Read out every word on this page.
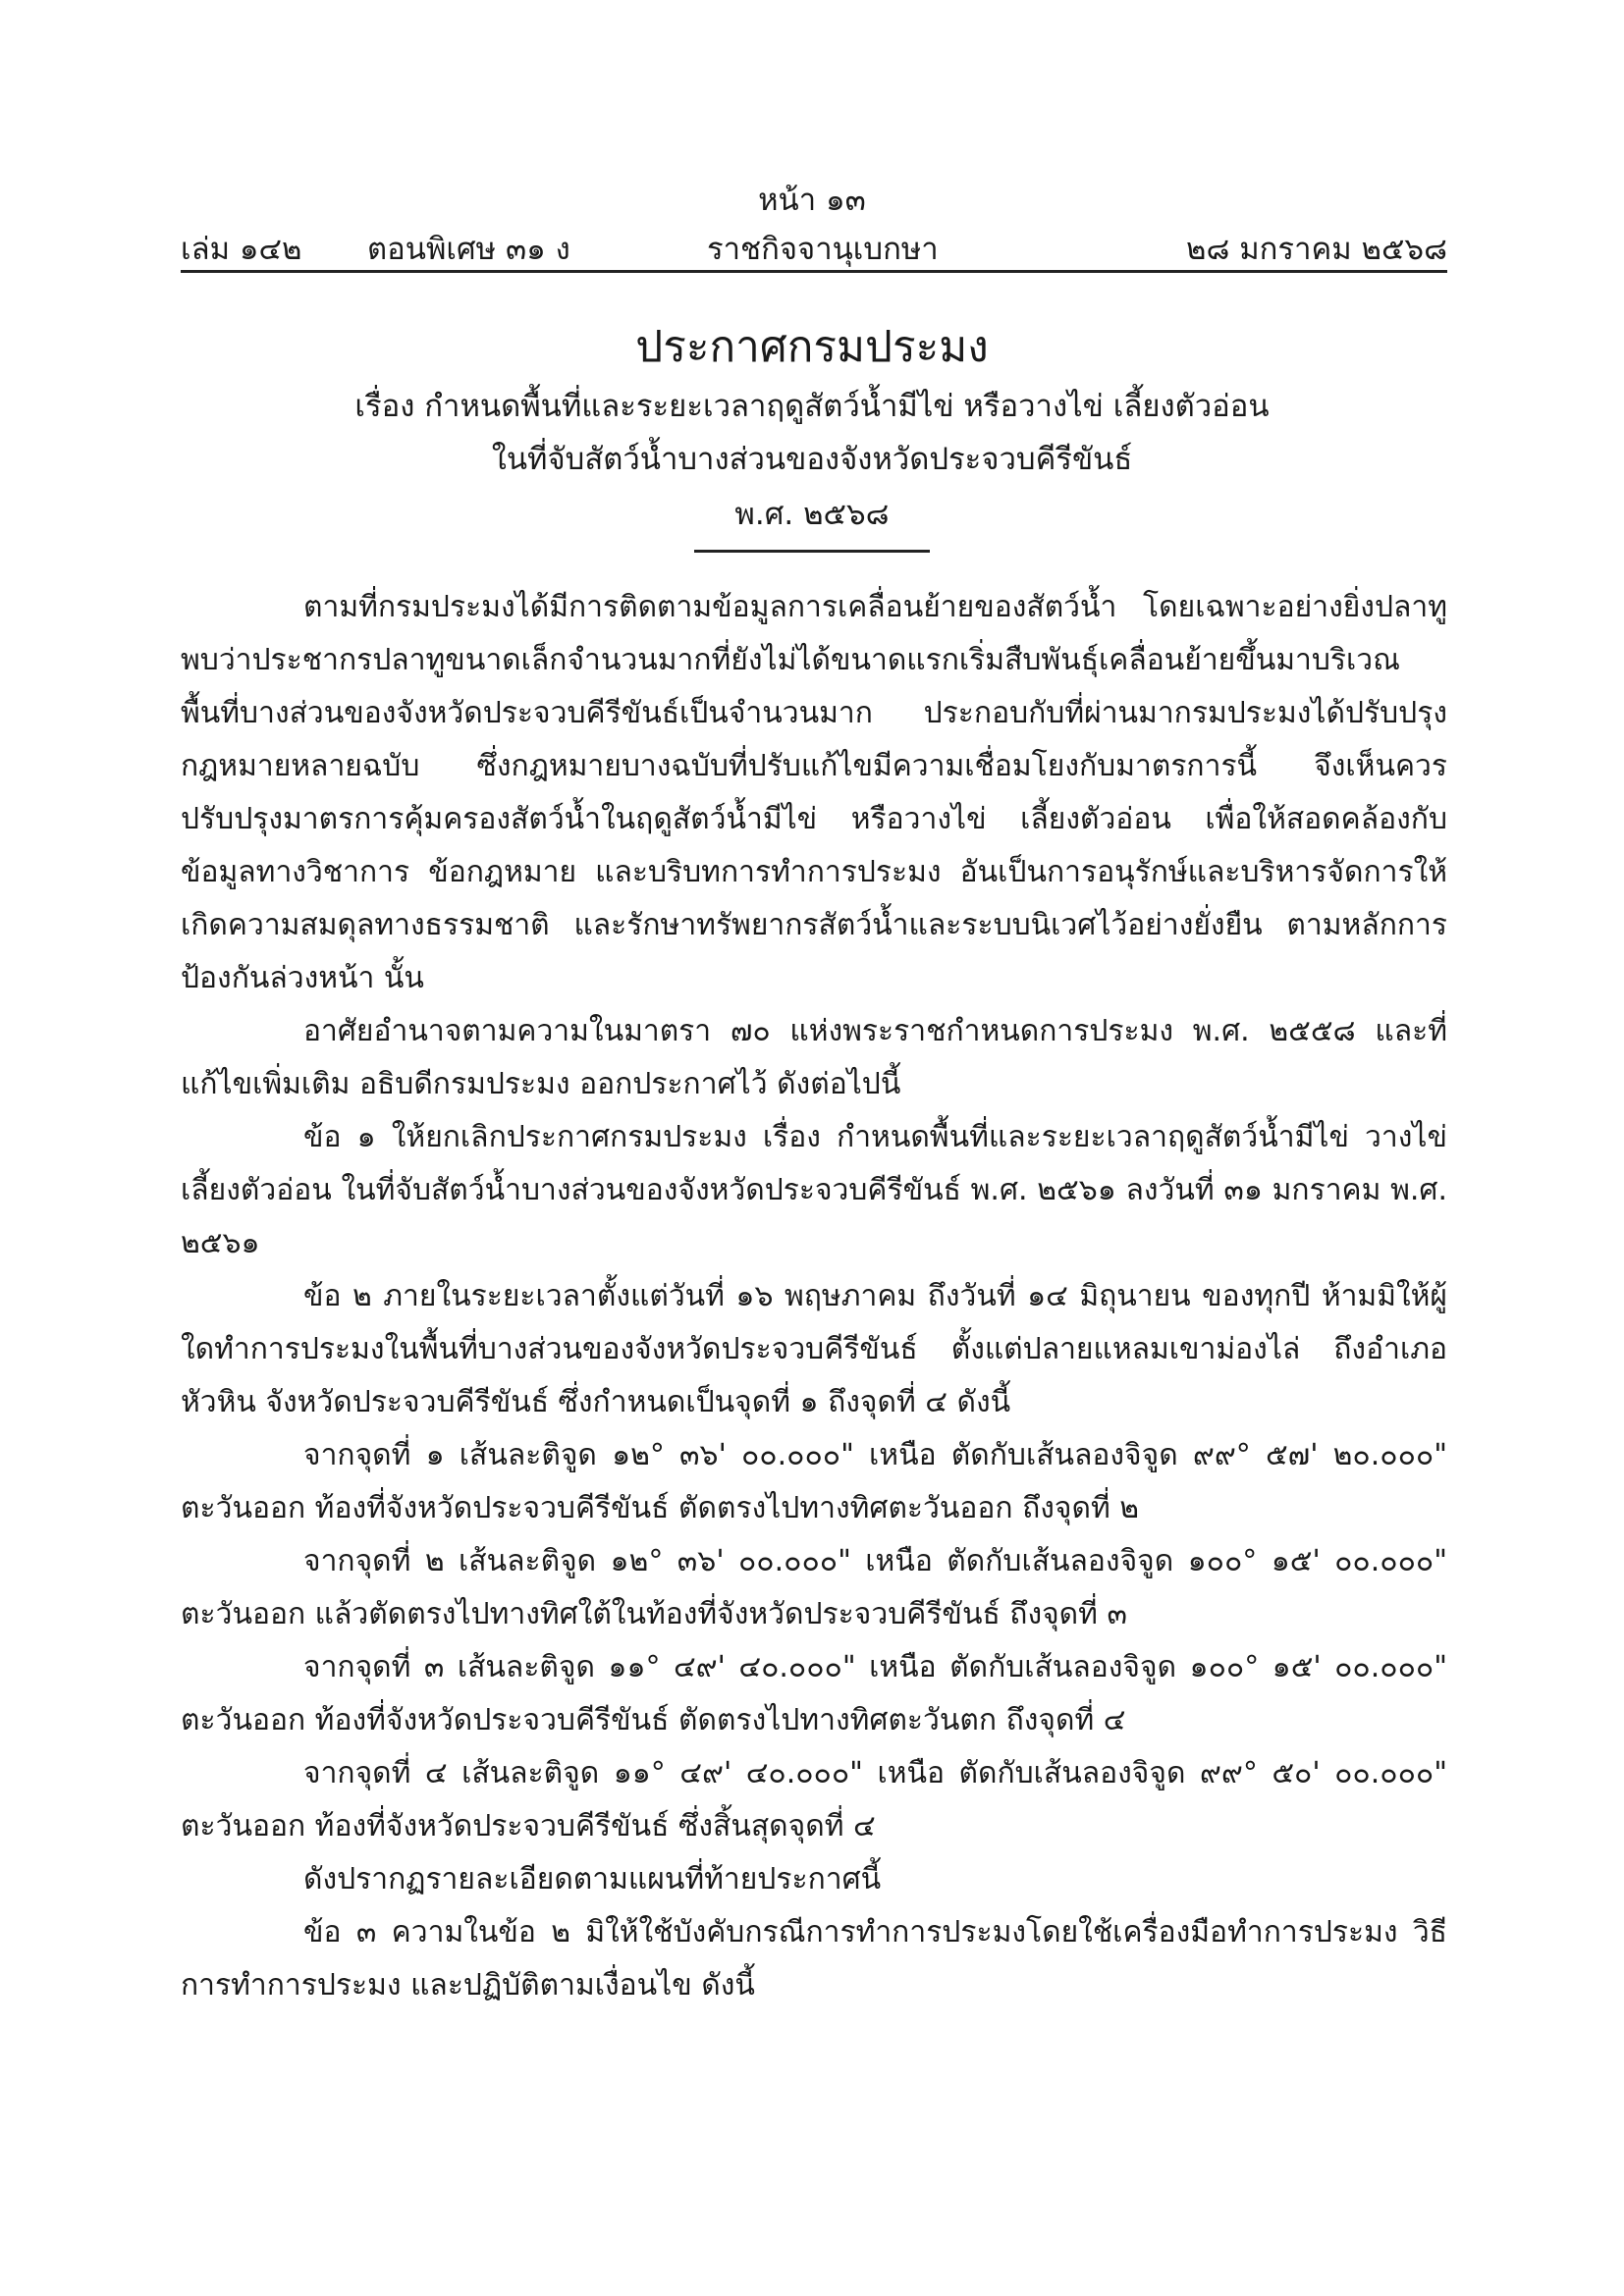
หน้า ๑๓
เล่ม ๑๔๒ ตอนพิเศษ ๓๑ ง	ราชกิจจานุเบกษา	๒๘ มกราคม ๒๕๖๘
ประกาศกรมประมง
เรื่อง กำหนดพื้นที่และระยะเวลาฤดูสัตว์น้ำมีไข่ หรือวางไข่ เลี้ยงตัวอ่อน
ในที่จับสัตว์น้ำบางส่วนของจังหวัดประจวบคีรีขันธ์
พ.ศ. ๒๕๖๘

ตามที่กรมประมงได้มีการติดตามข้อมูลการเคลื่อนย้ายของสัตว์น้ำ โดยเฉพาะอย่างยิ่งปลาทู พบว่าประชากรปลาทูขนาดเล็กจำนวนมากที่ยังไม่ได้ขนาดแรกเริ่มสืบพันธุ์เคลื่อนย้ายขึ้นมาบริเวณพื้นที่บางส่วนของจังหวัดประจวบคีรีขันธ์เป็นจำนวนมาก ประกอบกับที่ผ่านมากรมประมงได้ปรับปรุงกฎหมายหลายฉบับ ซึ่งกฎหมายบางฉบับที่ปรับแก้ไขมีความเชื่อมโยงกับมาตรการนี้ จึงเห็นควรปรับปรุงมาตรการคุ้มครองสัตว์น้ำในฤดูสัตว์น้ำมีไข่ หรือวางไข่ เลี้ยงตัวอ่อน เพื่อให้สอดคล้องกับข้อมูลทางวิชาการ ข้อกฎหมาย และบริบทการทำการประมง อันเป็นการอนุรักษ์และบริหารจัดการให้เกิดความสมดุลทางธรรมชาติ และรักษาทรัพยากรสัตว์น้ำและระบบนิเวศไว้อย่างยั่งยืน ตามหลักการป้องกันล่วงหน้า นั้น

อาศัยอำนาจตามความในมาตรา ๗๐ แห่งพระราชกำหนดการประมง พ.ศ. ๒๕๕๘ และที่แก้ไขเพิ่มเติม อธิบดีกรมประมง ออกประกาศไว้ ดังต่อไปนี้

ข้อ ๑ ให้ยกเลิกประกาศกรมประมง เรื่อง กำหนดพื้นที่และระยะเวลาฤดูสัตว์น้ำมีไข่ วางไข่ เลี้ยงตัวอ่อน ในที่จับสัตว์น้ำบางส่วนของจังหวัดประจวบคีรีขันธ์ พ.ศ. ๒๕๖๑ ลงวันที่ ๓๑ มกราคม พ.ศ. ๒๕๖๑

ข้อ ๒ ภายในระยะเวลาตั้งแต่วันที่ ๑๖ พฤษภาคม ถึงวันที่ ๑๔ มิถุนายน ของทุกปี ห้ามมิให้ผู้ใดทำการประมงในพื้นที่บางส่วนของจังหวัดประจวบคีรีขันธ์ ตั้งแต่ปลายแหลมเขาม่องไล่ ถึงอำเภอหัวหิน จังหวัดประจวบคีรีขันธ์ ซึ่งกำหนดเป็นจุดที่ ๑ ถึงจุดที่ ๔ ดังนี้

จากจุดที่ ๑ เส้นละติจูด ๑๒° ๓๖' ๐๐.๐๐๐" เหนือ ตัดกับเส้นลองจิจูด ๙๙° ๕๗' ๒๐.๐๐๐" ตะวันออก ท้องที่จังหวัดประจวบคีรีขันธ์ ตัดตรงไปทางทิศตะวันออก ถึงจุดที่ ๒

จากจุดที่ ๒ เส้นละติจูด ๑๒° ๓๖' ๐๐.๐๐๐" เหนือ ตัดกับเส้นลองจิจูด ๑๐๐° ๑๕' ๐๐.๐๐๐" ตะวันออก แล้วตัดตรงไปทางทิศใต้ในท้องที่จังหวัดประจวบคีรีขันธ์ ถึงจุดที่ ๓

จากจุดที่ ๓ เส้นละติจูด ๑๑° ๔๙' ๔๐.๐๐๐" เหนือ ตัดกับเส้นลองจิจูด ๑๐๐° ๑๕' ๐๐.๐๐๐" ตะวันออก ท้องที่จังหวัดประจวบคีรีขันธ์ ตัดตรงไปทางทิศตะวันตก ถึงจุดที่ ๔

จากจุดที่ ๔ เส้นละติจูด ๑๑° ๔๙' ๔๐.๐๐๐" เหนือ ตัดกับเส้นลองจิจูด ๙๙° ๕๐' ๐๐.๐๐๐" ตะวันออก ท้องที่จังหวัดประจวบคีรีขันธ์ ซึ่งสิ้นสุดจุดที่ ๔

ดังปรากฏรายละเอียดตามแผนที่ท้ายประกาศนี้

ข้อ ๓ ความในข้อ ๒ มิให้ใช้บังคับกรณีการทำการประมงโดยใช้เครื่องมือทำการประมง วิธีการทำการประมง และปฏิบัติตามเงื่อนไข ดังนี้
